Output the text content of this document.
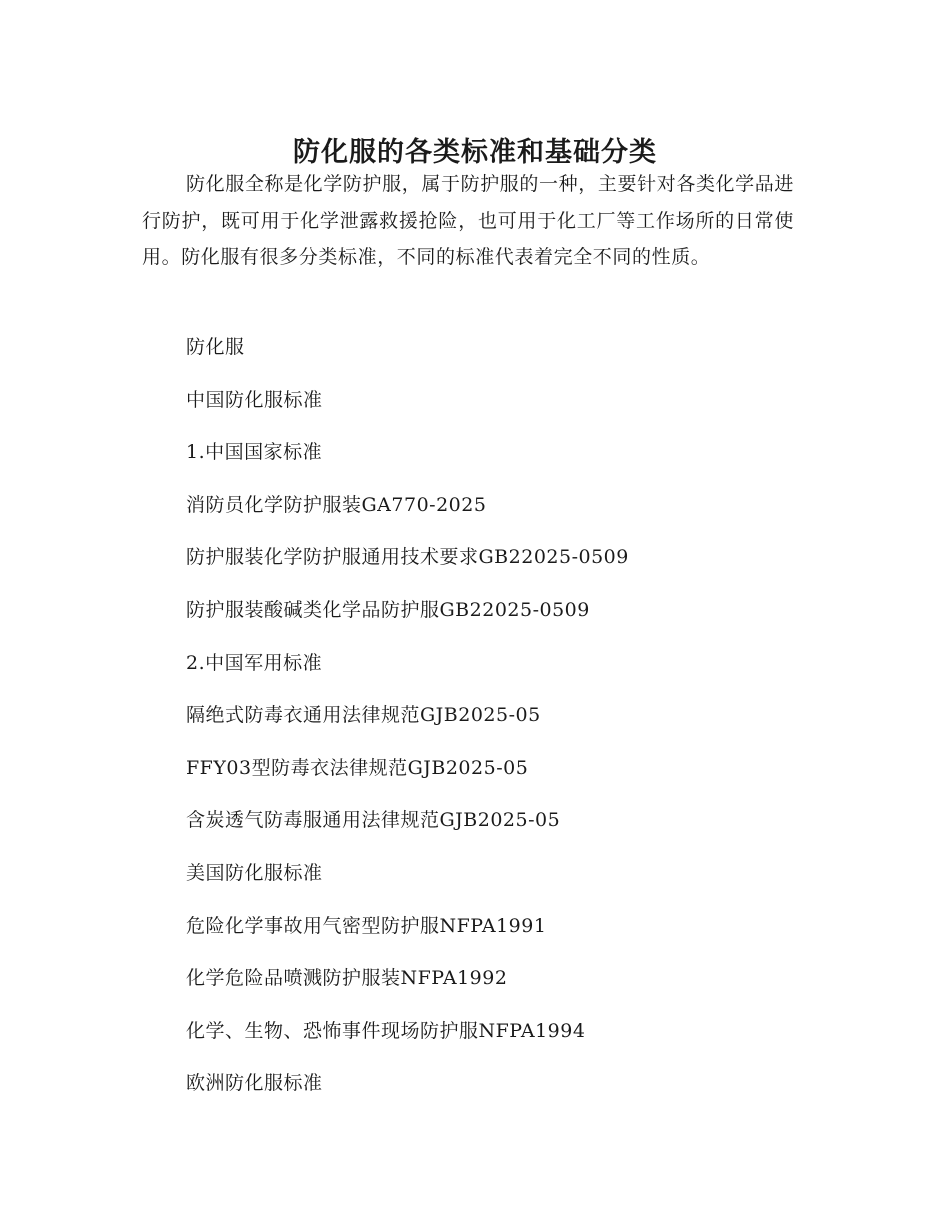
防化服的各类标准和基础分类

防化服全称是化学防护服，属于防护服的一种，主要针对各类化学品进行防护，既可用于化学泄露救援抢险，也可用于化工厂等工作场所的日常使用。防化服有很多分类标准，不同的标准代表着完全不同的性质。

防化服
中国防化服标准
1.中国国家标准
消防员化学防护服装GA770-2025
防护服装化学防护服通用技术要求GB22025-0509
防护服装酸碱类化学品防护服GB22025-0509
2.中国军用标准
隔绝式防毒衣通用法律规范GJB2025-05
FFY03型防毒衣法律规范GJB2025-05
含炭透气防毒服通用法律规范GJB2025-05
美国防化服标准
危险化学事故用气密型防护服NFPA1991
化学危险品喷溅防护服装NFPA1992
化学、生物、恐怖事件现场防护服NFPA1994
欧洲防化服标准
